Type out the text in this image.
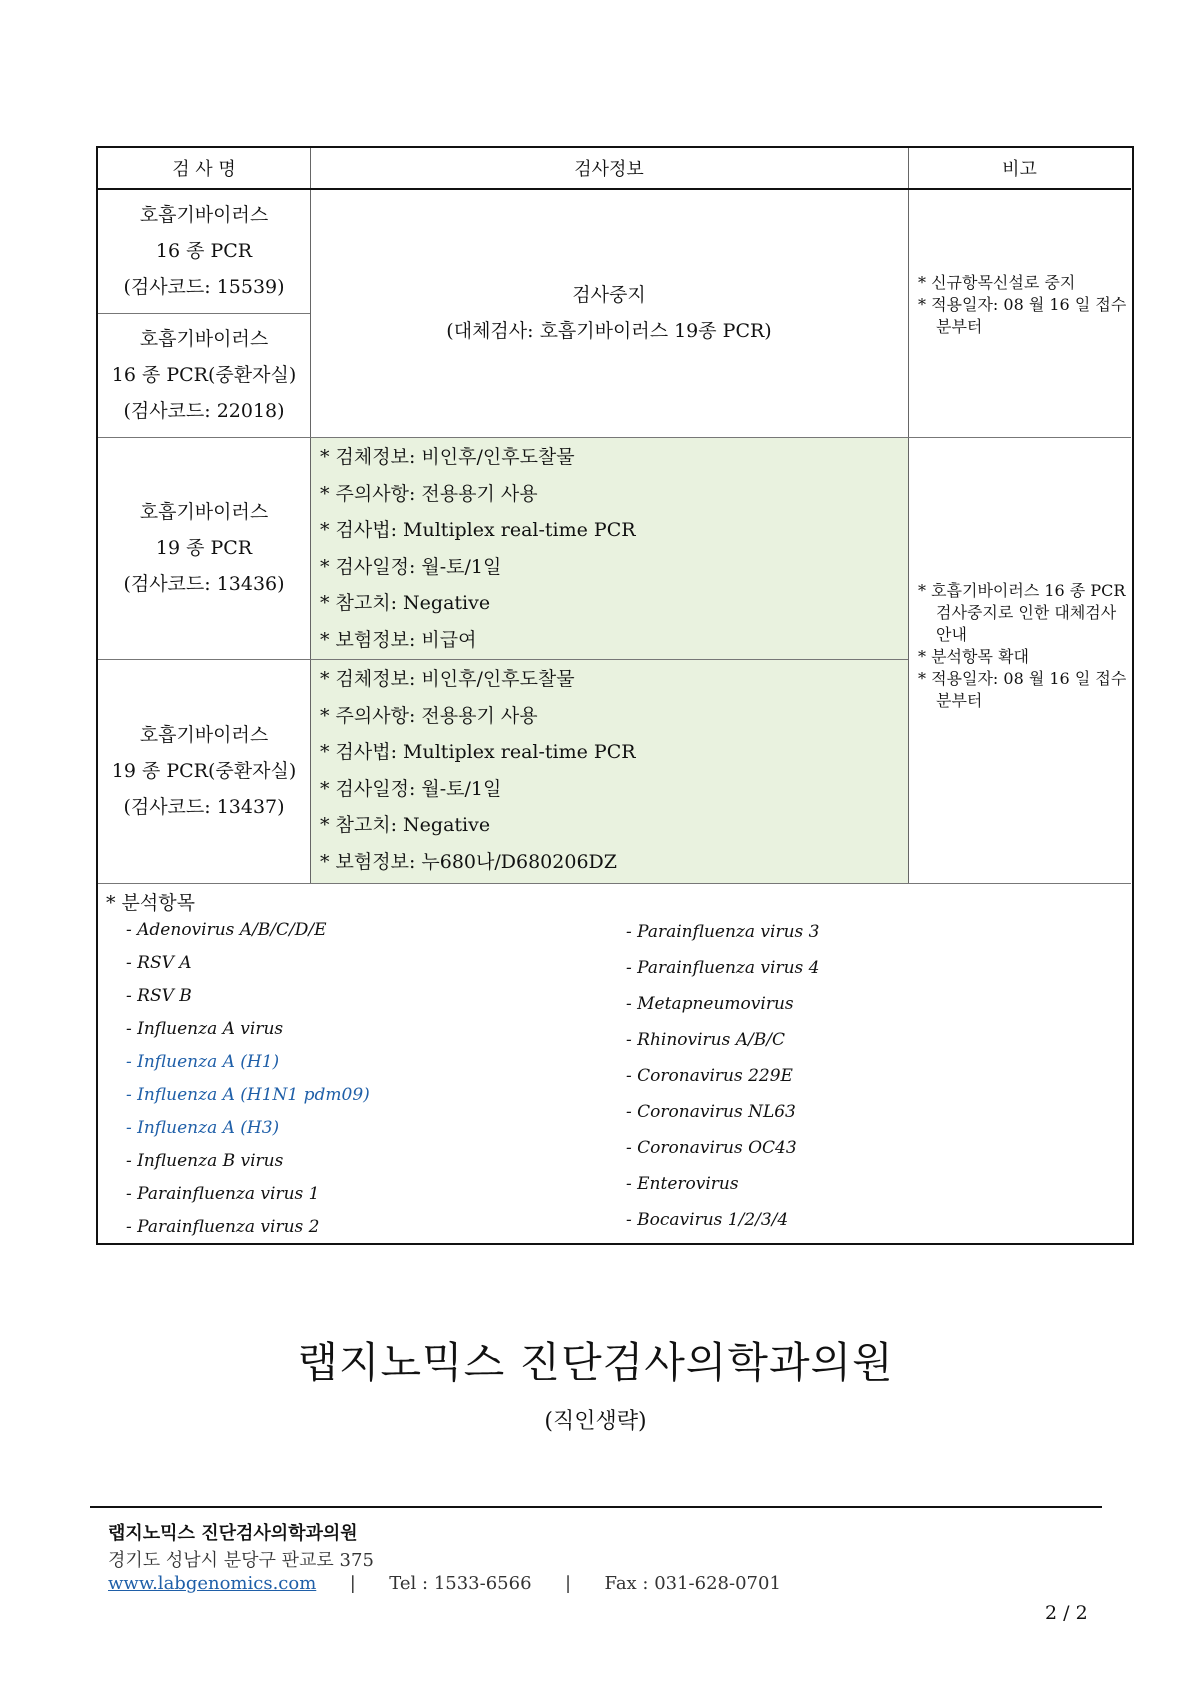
검 사 명	검사정보	비고
호흡기바이러스
16 종 PCR
(검사코드: 15539)
호흡기바이러스
16 종 PCR(중환자실)
(검사코드: 22018)
검사중지
(대체검사: 호흡기바이러스 19종 PCR)
* 신규항목신설로 중지
* 적용일자: 08 월 16 일 접수분부터
호흡기바이러스
19 종 PCR
(검사코드: 13436)
* 검체정보: 비인후/인후도찰물
* 주의사항: 전용용기 사용
* 검사법: Multiplex real-time PCR
* 검사일정: 월-토/1일
* 참고치: Negative
* 보험정보: 비급여
호흡기바이러스
19 종 PCR(중환자실)
(검사코드: 13437)
* 검체정보: 비인후/인후도찰물
* 주의사항: 전용용기 사용
* 검사법: Multiplex real-time PCR
* 검사일정: 월-토/1일
* 참고치: Negative
* 보험정보: 누680나/D680206DZ
* 호흡기바이러스 16 종 PCR 검사중지로 인한 대체검사 안내
* 분석항목 확대
* 적용일자: 08 월 16 일 접수분부터
* 분석항목
- Adenovirus A/B/C/D/E
- RSV A
- RSV B
- Influenza A virus
- Influenza A (H1)
- Influenza A (H1N1 pdm09)
- Influenza A (H3)
- Influenza B virus
- Parainfluenza virus 1
- Parainfluenza virus 2
- Parainfluenza virus 3
- Parainfluenza virus 4
- Metapneumovirus
- Rhinovirus A/B/C
- Coronavirus 229E
- Coronavirus NL63
- Coronavirus OC43
- Enterovirus
- Bocavirus 1/2/3/4
랩지노믹스 진단검사의학과의원
(직인생략)
랩지노믹스 진단검사의학과의원
경기도 성남시 분당구 판교로 375
www.labgenomics.com | Tel : 1533-6566 | Fax : 031-628-0701
2 / 2
